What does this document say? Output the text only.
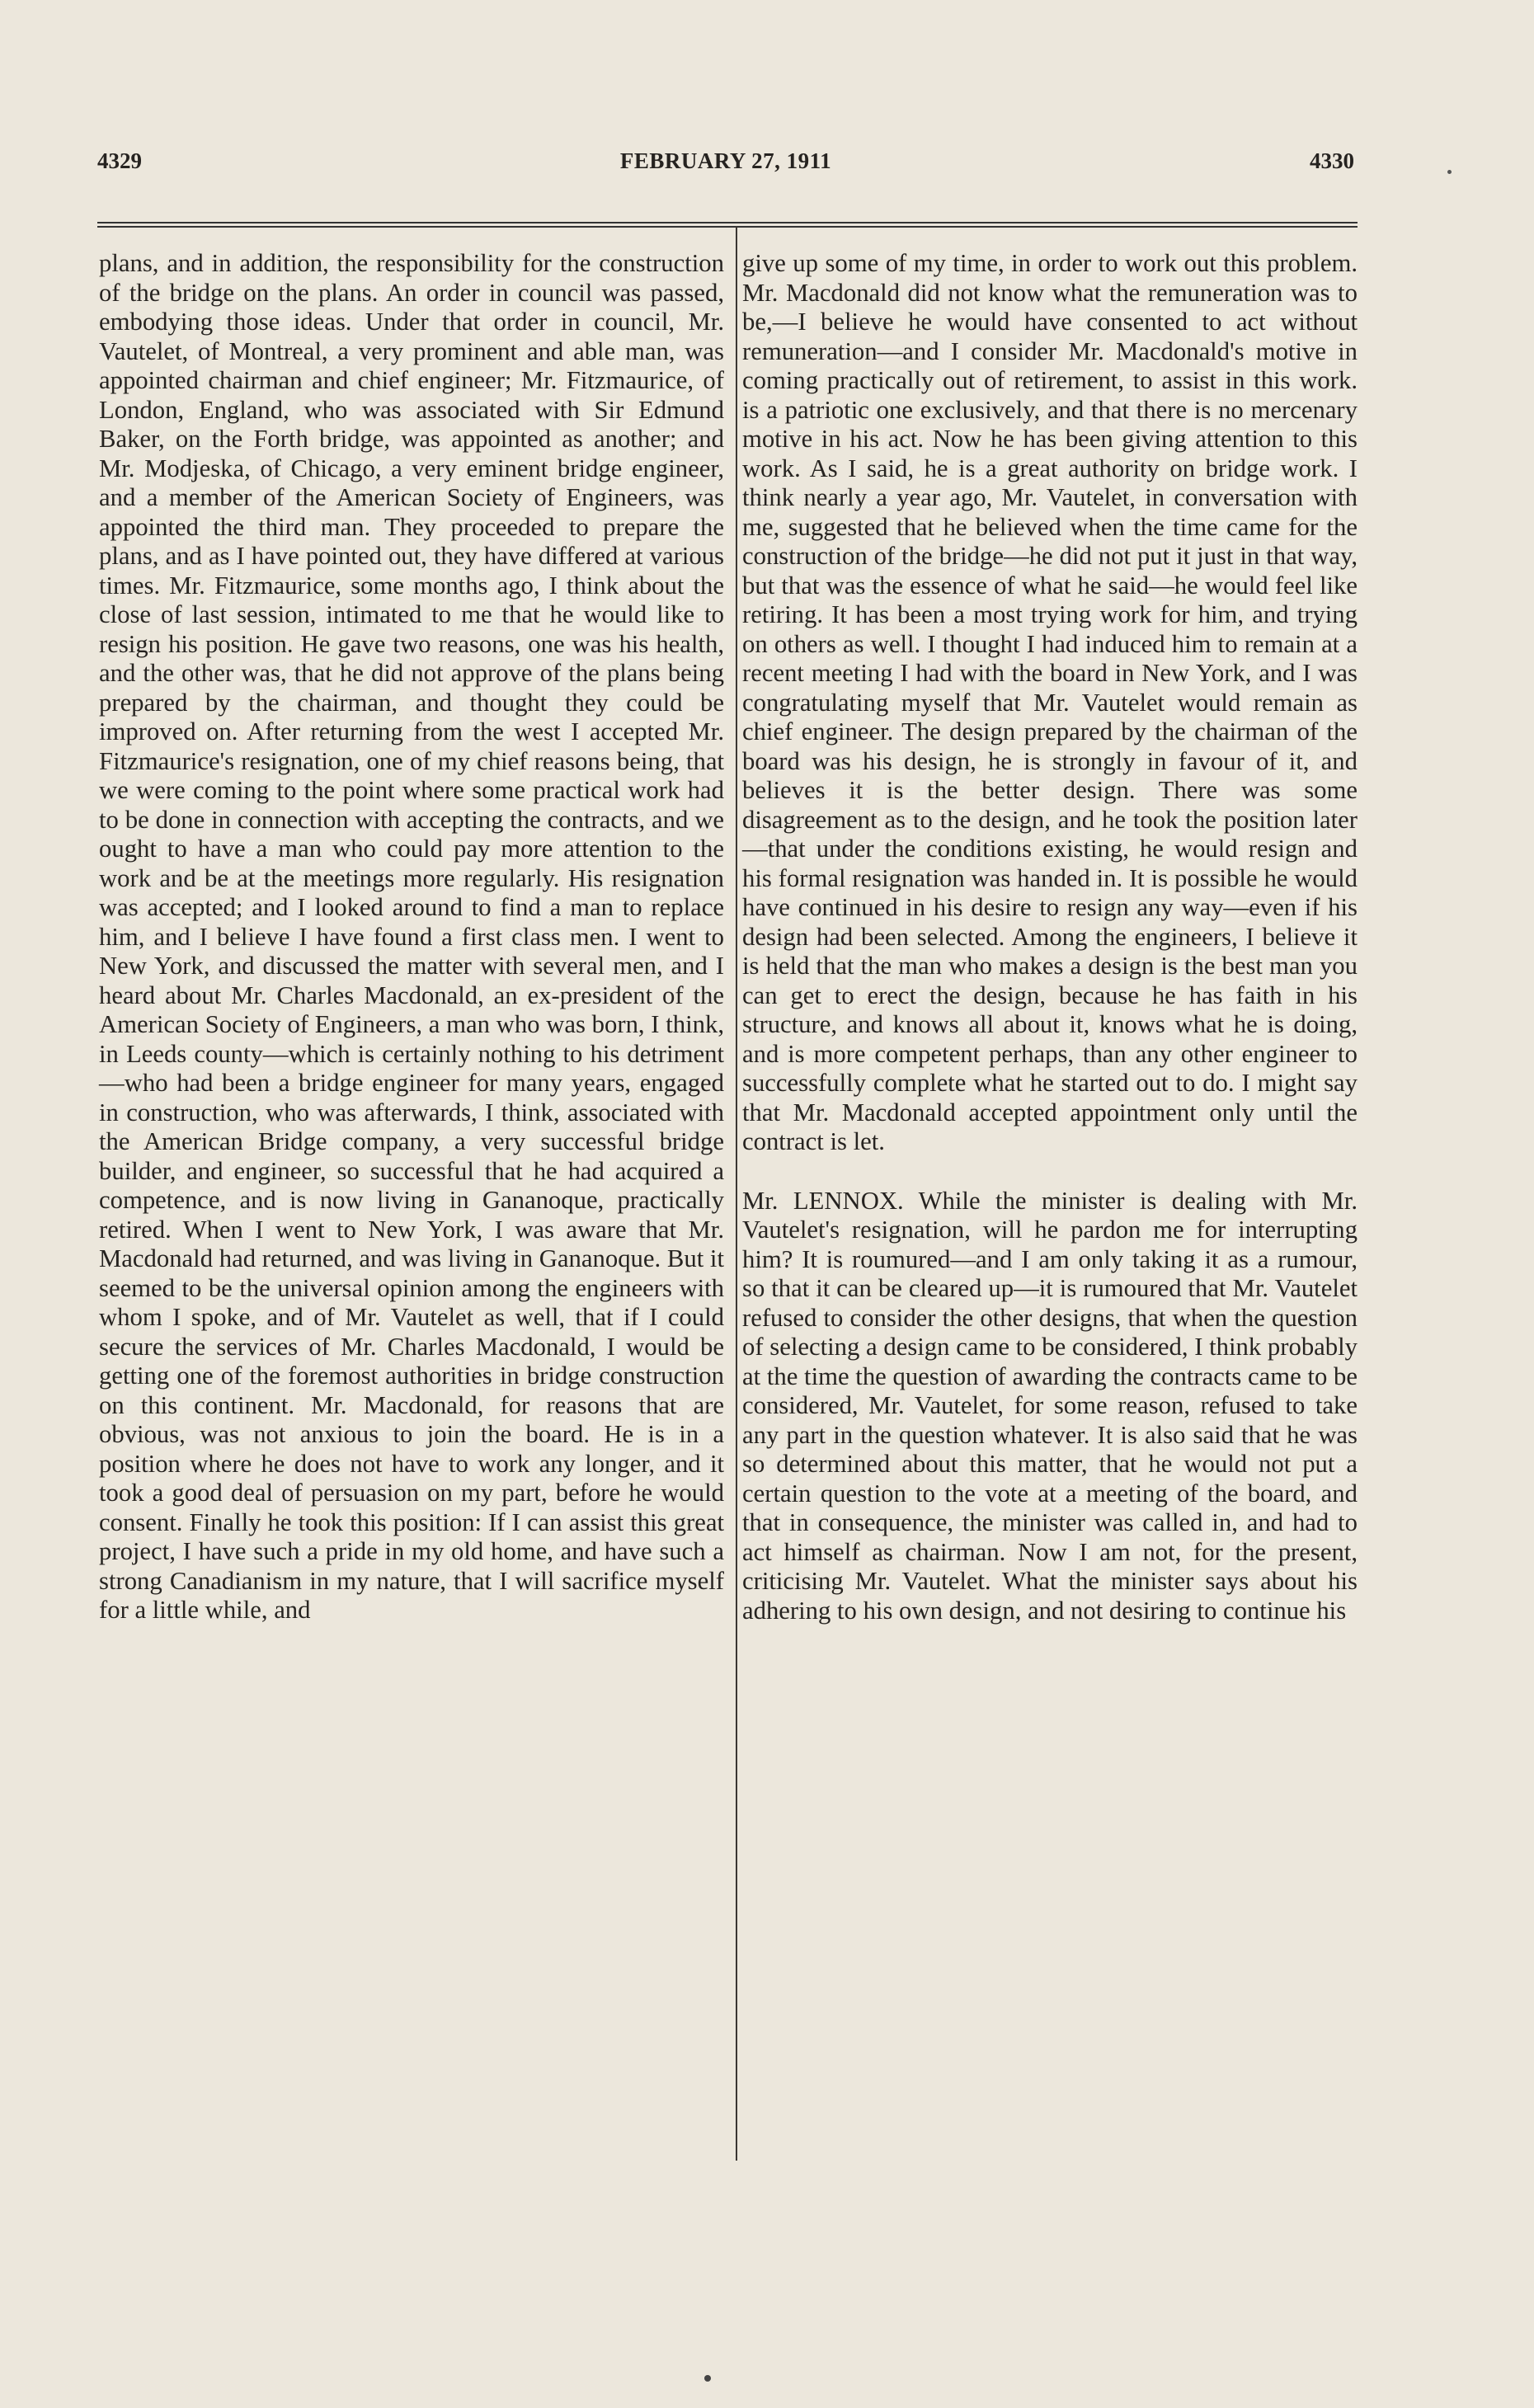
4329	FEBRUARY 27, 1911	4330

plans, and in addition, the responsibility for the construction of the bridge on the plans. An order in council was passed, embodying those ideas. Under that order in council, Mr. Vautelet, of Montreal, a very prominent and able man, was appointed chairman and chief engineer; Mr. Fitzmaurice, of London, England, who was associated with Sir Edmund Baker, on the Forth bridge, was appointed as another; and Mr. Modjeska, of Chicago, a very eminent bridge engineer, and a member of the American Society of Engineers, was appointed the third man. They proceeded to prepare the plans, and as I have pointed out, they have differed at various times. Mr. Fitzmaurice, some months ago, I think about the close of last session, intimated to me that he would like to resign his position. He gave two reasons, one was his health, and the other was, that he did not approve of the plans being prepared by the chairman, and thought they could be improved on. After returning from the west I accepted Mr. Fitzmaurice's resignation, one of my chief reasons being, that we were coming to the point where some practical work had to be done in connection with accepting the contracts, and we ought to have a man who could pay more attention to the work and be at the meetings more regularly. His resignation was accepted; and I looked around to find a man to replace him, and I believe I have found a first class men. I went to New York, and discussed the matter with several men, and I heard about Mr. Charles Macdonald, an ex-president of the American Society of Engineers, a man who was born, I think, in Leeds county—which is certainly nothing to his detriment—who had been a bridge engineer for many years, engaged in construction, who was afterwards, I think, associated with the American Bridge company, a very successful bridge builder, and engineer, so successful that he had acquired a competence, and is now living in Gananoque, practically retired. When I went to New York, I was aware that Mr. Macdonald had returned, and was living in Gananoque. But it seemed to be the universal opinion among the engineers with whom I spoke, and of Mr. Vautelet as well, that if I could secure the services of Mr. Charles Macdonald, I would be getting one of the foremost authorities in bridge construction on this continent. Mr. Macdonald, for reasons that are obvious, was not anxious to join the board. He is in a position where he does not have to work any longer, and it took a good deal of persuasion on my part, before he would consent. Finally he took this position: If I can assist this great project, I have such a pride in my old home, and have such a strong Canadianism in my nature, that I will sacrifice myself for a little while, and

give up some of my time, in order to work out this problem. Mr. Macdonald did not know what the remuneration was to be,—I believe he would have consented to act without remuneration—and I consider Mr. Macdonald's motive in coming practically out of retirement, to assist in this work. is a patriotic one exclusively, and that there is no mercenary motive in his act. Now he has been giving attention to this work. As I said, he is a great authority on bridge work. I think nearly a year ago, Mr. Vautelet, in conversation with me, suggested that he believed when the time came for the construction of the bridge—he did not put it just in that way, but that was the essence of what he said—he would feel like retiring. It has been a most trying work for him, and trying on others as well. I thought I had induced him to remain at a recent meeting I had with the board in New York, and I was congratulating myself that Mr. Vautelet would remain as chief engineer. The design prepared by the chairman of the board was his design, he is strongly in favour of it, and believes it is the better design. There was some disagreement as to the design, and he took the position later—that under the conditions existing, he would resign and his formal resignation was handed in. It is possible he would have continued in his desire to resign any way—even if his design had been selected. Among the engineers, I believe it is held that the man who makes a design is the best man you can get to erect the design, because he has faith in his structure, and knows all about it, knows what he is doing, and is more competent perhaps, than any other engineer to successfully complete what he started out to do. I might say that Mr. Macdonald accepted appointment only until the contract is let.

Mr. LENNOX. While the minister is dealing with Mr. Vautelet's resignation, will he pardon me for interrupting him? It is roumured—and I am only taking it as a rumour, so that it can be cleared up—it is rumoured that Mr. Vautelet refused to consider the other designs, that when the question of selecting a design came to be considered, I think probably at the time the question of awarding the contracts came to be considered, Mr. Vautelet, for some reason, refused to take any part in the question whatever. It is also said that he was so determined about this matter, that he would not put a certain question to the vote at a meeting of the board, and that in consequence, the minister was called in, and had to act himself as chairman. Now I am not, for the present, criticising Mr. Vautelet. What the minister says about his adhering to his own design, and not desiring to continue his
